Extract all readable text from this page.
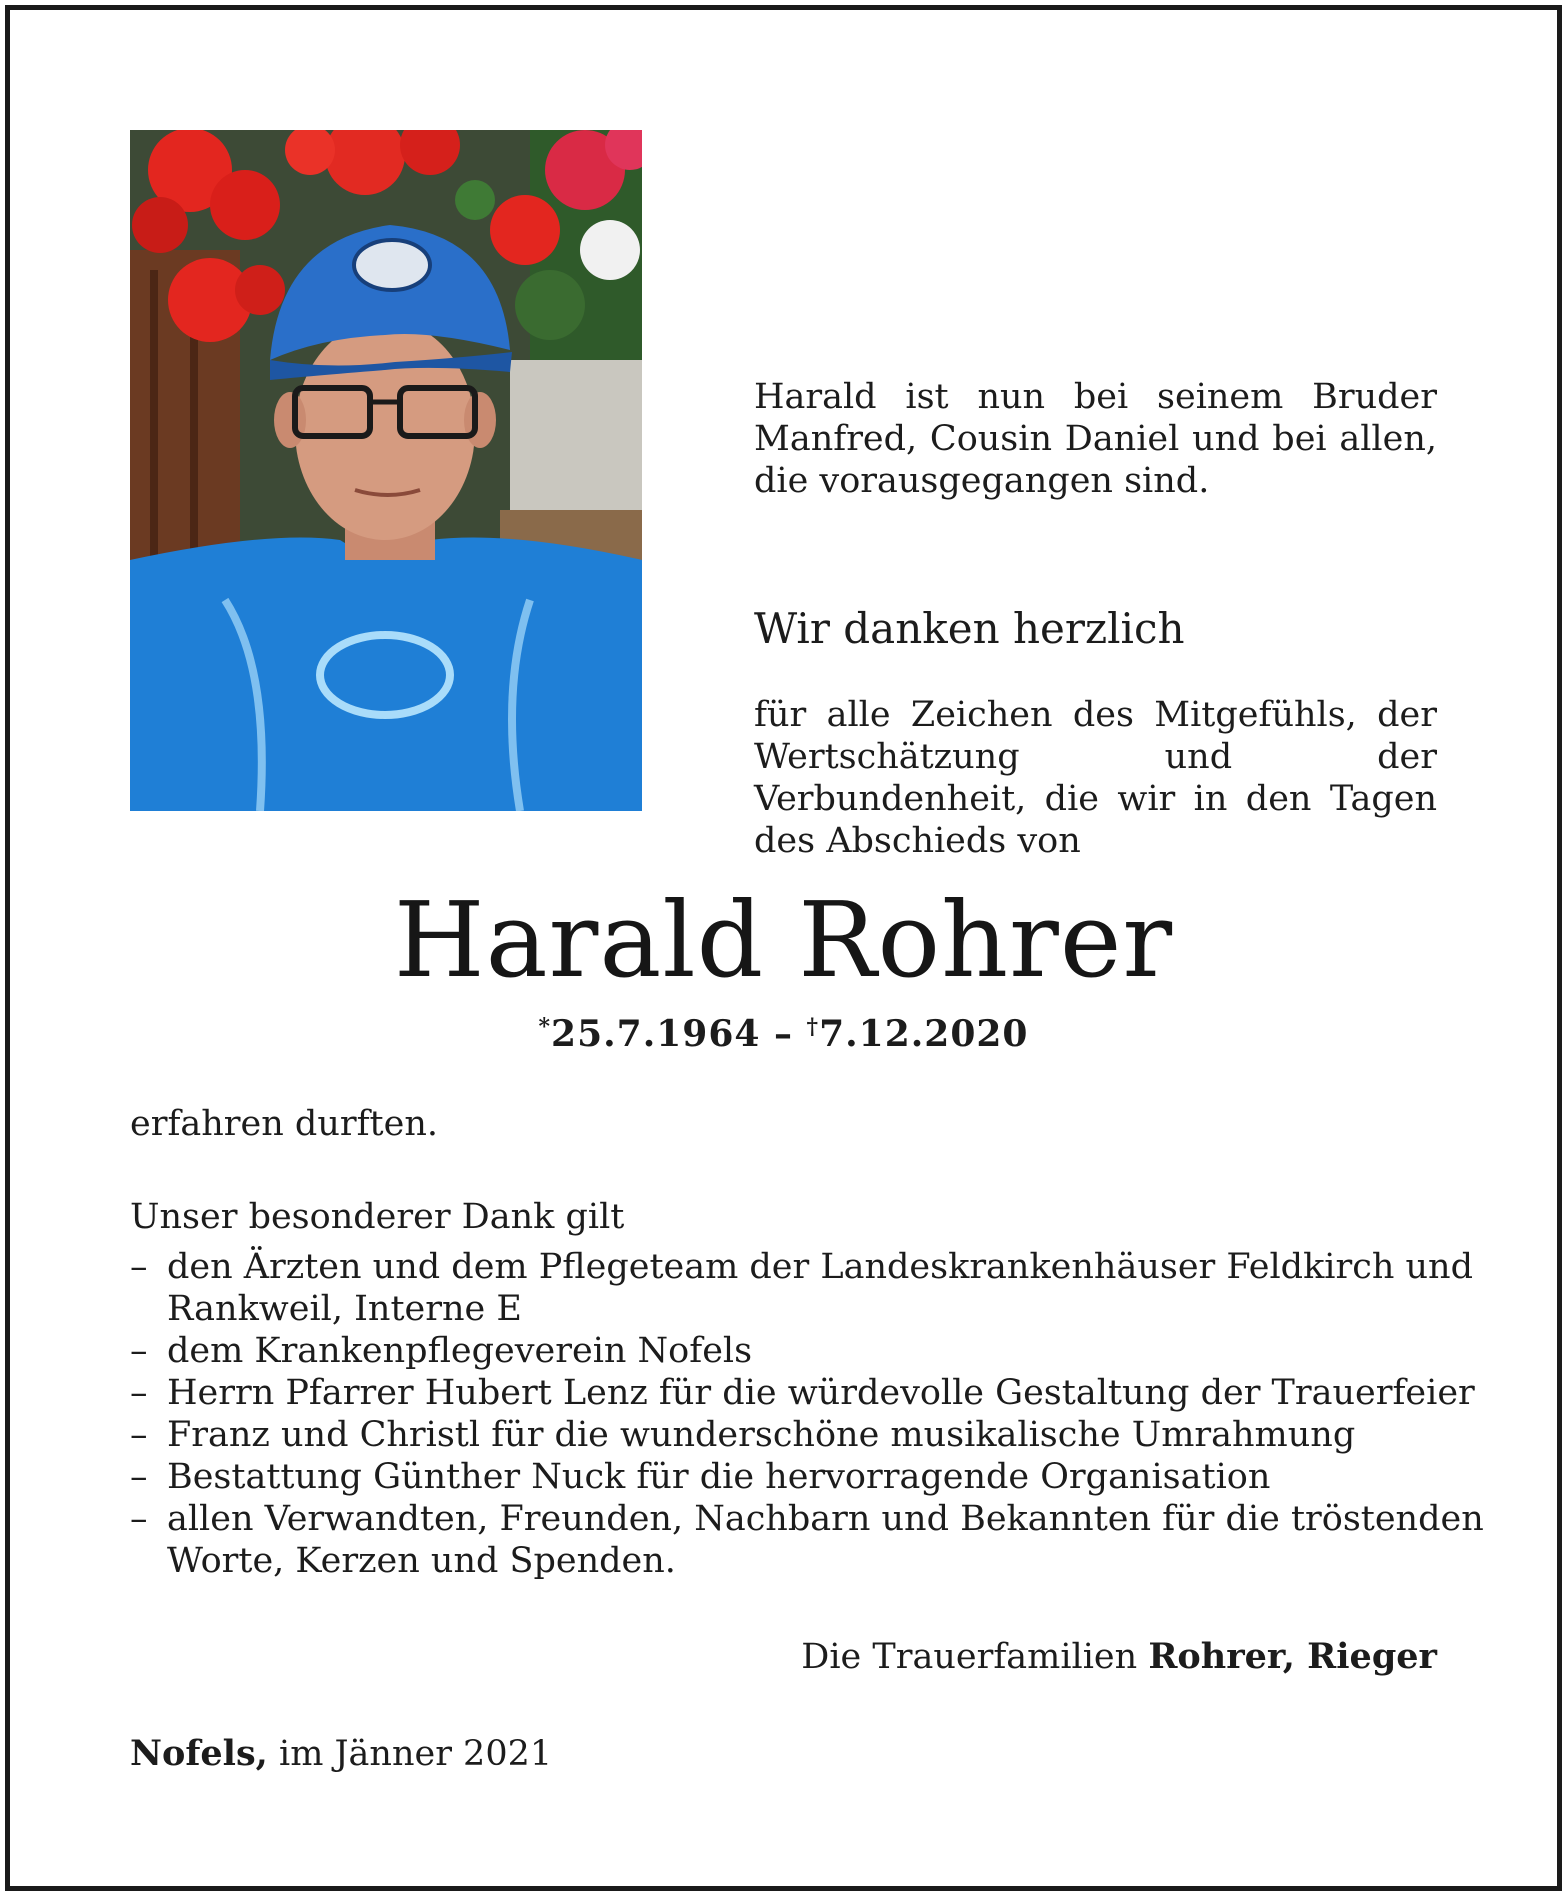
Harald ist nun bei seinem Bruder Manfred, Cousin Daniel und bei allen, die vorausgegangen sind.
Wir danken herzlich
für alle Zeichen des Mitgefühls, der Wertschätzung und der Verbundenheit, die wir in den Tagen des Abschieds von
Harald Rohrer
*25.7.1964 – †7.12.2020
erfahren durften.
Unser besonderer Dank gilt
– den Ärzten und dem Pflegeteam der Landeskrankenhäuser Feldkirch und
Rankweil, Interne E
– dem Krankenpflegeverein Nofels
– Herrn Pfarrer Hubert Lenz für die würdevolle Gestaltung der Trauerfeier
– Franz und Christl für die wunderschöne musikalische Umrahmung
– Bestattung Günther Nuck für die hervorragende Organisation
– allen Verwandten, Freunden, Nachbarn und Bekannten für die tröstenden
Worte, Kerzen und Spenden.
Die Trauerfamilien Rohrer, Rieger
Nofels, im Jänner 2021
